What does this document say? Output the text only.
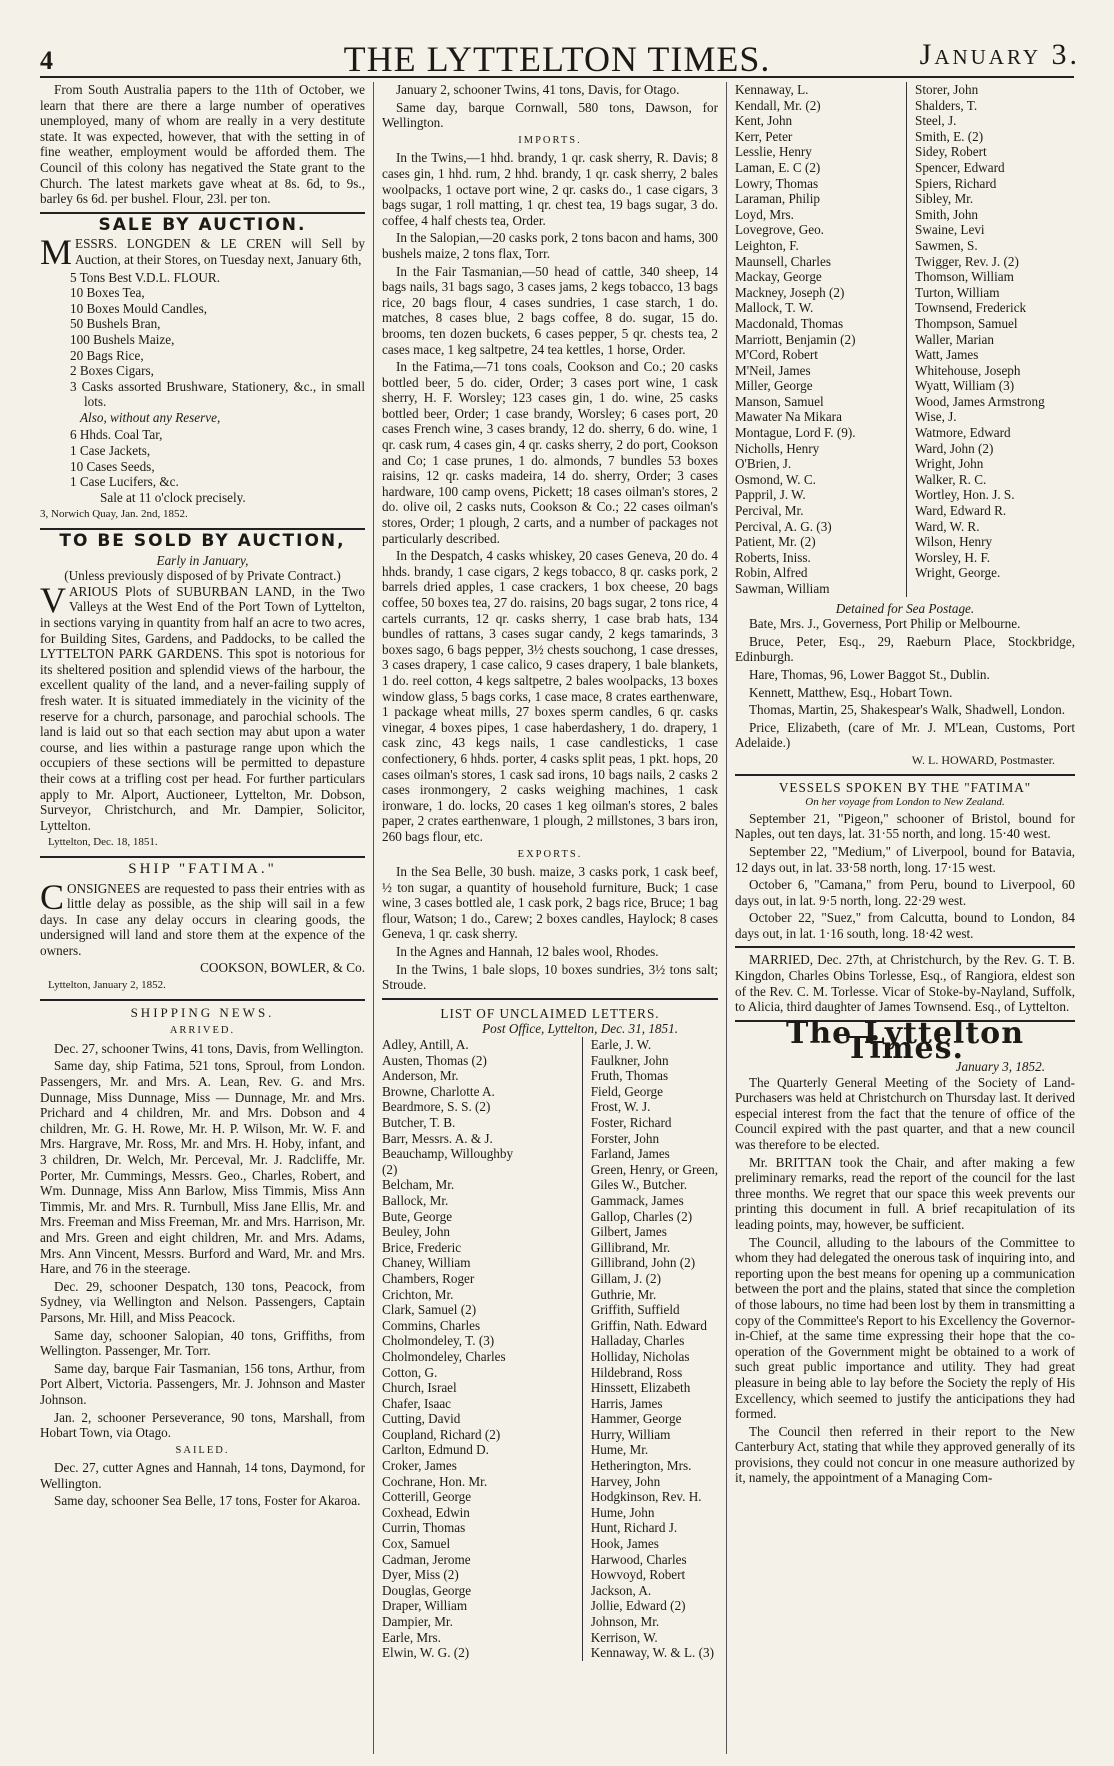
4	THE LYTTELTON TIMES.	January 3.

From South Australia papers to the 11th of October, we learn that there are there a large number of operatives unemployed, many of whom are really in a very destitute state. It was expected, however, that with the setting in of fine weather, employment would be afforded them. The Council of this colony has negatived the State grant to the Church. The latest markets gave wheat at 8s. 6d, to 9s., barley 6s 6d. per bushel. Flour, 23l. per ton.

SALE BY AUCTION.

MESSRS. LONGDEN & LE CREN will Sell by Auction, at their Stores, on Tuesday next, January 6th,

5 Tons Best V.D.L. FLOUR.

10 Boxes Tea,

10 Boxes Mould Candles,

50 Bushels Bran,

100 Bushels Maize,

20 Bags Rice,

2 Boxes Cigars,

3 Casks assorted Brushware, Stationery, &c., in small lots.

Also, without any Reserve,

6 Hhds. Coal Tar,

1 Case Jackets,

10 Cases Seeds,

1 Case Lucifers, &c.

Sale at 11 o'clock precisely.

3, Norwich Quay, Jan. 2nd, 1852.

TO BE SOLD BY AUCTION,
Early in January,
(Unless previously disposed of by Private Contract.)

VARIOUS Plots of SUBURBAN LAND, in the Two Valleys at the West End of the Port Town of Lyttelton, in sections varying in quantity from half an acre to two acres, for Building Sites, Gardens, and Paddocks, to be called the LYTTELTON PARK GARDENS. This spot is notorious for its sheltered position and splendid views of the harbour, the excellent quality of the land, and a never-failing supply of fresh water. It is situated immediately in the vicinity of the reserve for a church, parsonage, and parochial schools. The land is laid out so that each section may abut upon a water course, and lies within a pasturage range upon which the occupiers of these sections will be permitted to depasture their cows at a trifling cost per head. For further particulars apply to Mr. Alport, Auctioneer, Lyttelton, Mr. Dobson, Surveyor, Christchurch, and Mr. Dampier, Solicitor, Lyttelton.

Lyttelton, Dec. 18, 1851.

SHIP "FATIMA."

CONSIGNEES are requested to pass their entries with as little delay as possible, as the ship will sail in a few days. In case any delay occurs in clearing goods, the undersigned will land and store them at the expence of the owners.

COOKSON, BOWLER, & Co.

Lyttelton, January 2, 1852.

SHIPPING NEWS.
ARRIVED.

Dec. 27, schooner Twins, 41 tons, Davis, from Wellington.

Same day, ship Fatima, 521 tons, Sproul, from London. Passengers, Mr. and Mrs. A. Lean, Rev. G. and Mrs. Dunnage, Miss Dunnage, Miss — Dunnage, Mr. and Mrs. Prichard and 4 children, Mr. and Mrs. Dobson and 4 children, Mr. G. H. Rowe, Mr. H. P. Wilson, Mr. W. F. and Mrs. Hargrave, Mr. Ross, Mr. and Mrs. H. Hoby, infant, and 3 children, Dr. Welch, Mr. Perceval, Mr. J. Radcliffe, Mr. Porter, Mr. Cummings, Messrs. Geo., Charles, Robert, and Wm. Dunnage, Miss Ann Barlow, Miss Timmis, Miss Ann Timmis, Mr. and Mrs. R. Turnbull, Miss Jane Ellis, Mr. and Mrs. Freeman and Miss Freeman, Mr. and Mrs. Harrison, Mr. and Mrs. Green and eight children, Mr. and Mrs. Adams, Mrs. Ann Vincent, Messrs. Burford and Ward, Mr. and Mrs. Hare, and 76 in the steerage.

Dec. 29, schooner Despatch, 130 tons, Peacock, from Sydney, via Wellington and Nelson. Passengers, Captain Parsons, Mr. Hill, and Miss Peacock.

Same day, schooner Salopian, 40 tons, Griffiths, from Wellington. Passenger, Mr. Torr.

Same day, barque Fair Tasmanian, 156 tons, Arthur, from Port Albert, Victoria. Passengers, Mr. J. Johnson and Master Johnson.

Jan. 2, schooner Perseverance, 90 tons, Marshall, from Hobart Town, via Otago.

SAILED.

Dec. 27, cutter Agnes and Hannah, 14 tons, Daymond, for Wellington.

Same day, schooner Sea Belle, 17 tons, Foster for Akaroa.

January 2, schooner Twins, 41 tons, Davis, for Otago.

Same day, barque Cornwall, 580 tons, Dawson, for Wellington.

IMPORTS.

In the Twins,—1 hhd. brandy, 1 qr. cask sherry, R. Davis; 8 cases gin, 1 hhd. rum, 2 hhd. brandy, 1 qr. cask sherry, 2 bales woolpacks, 1 octave port wine, 2 qr. casks do., 1 case cigars, 3 bags sugar, 1 roll matting, 1 qr. chest tea, 19 bags sugar, 3 do. coffee, 4 half chests tea, Order.

In the Salopian,—20 casks pork, 2 tons bacon and hams, 300 bushels maize, 2 tons flax, Torr.

In the Fair Tasmanian,—50 head of cattle, 340 sheep, 14 bags nails, 31 bags sago, 3 cases jams, 2 kegs tobacco, 13 bags rice, 20 bags flour, 4 cases sundries, 1 case starch, 1 do. matches, 8 cases blue, 2 bags coffee, 8 do. sugar, 15 do. brooms, ten dozen buckets, 6 cases pepper, 5 qr. chests tea, 2 cases mace, 1 keg saltpetre, 24 tea kettles, 1 horse, Order.

In the Fatima,—71 tons coals, Cookson and Co.; 20 casks bottled beer, 5 do. cider, Order; 3 cases port wine, 1 cask sherry, H. F. Worsley; 123 cases gin, 1 do. wine, 25 casks bottled beer, Order; 1 case brandy, Worsley; 6 cases port, 20 cases French wine, 3 cases brandy, 12 do. sherry, 6 do. wine, 1 qr. cask rum, 4 cases gin, 4 qr. casks sherry, 2 do port, Cookson and Co; 1 case prunes, 1 do. almonds, 7 bundles 53 boxes raisins, 12 qr. casks madeira, 14 do. sherry, Order; 3 cases hardware, 100 camp ovens, Pickett; 18 cases oilman's stores, 2 do. olive oil, 2 casks nuts, Cookson & Co.; 22 cases oilman's stores, Order; 1 plough, 2 carts, and a number of packages not particularly described.

In the Despatch, 4 casks whiskey, 20 cases Geneva, 20 do. 4 hhds. brandy, 1 case cigars, 2 kegs tobacco, 8 qr. casks pork, 2 barrels dried apples, 1 case crackers, 1 box cheese, 20 bags coffee, 50 boxes tea, 27 do. raisins, 20 bags sugar, 2 tons rice, 4 cartels currants, 12 qr. casks sherry, 1 case brab hats, 134 bundles of rattans, 3 cases sugar candy, 2 kegs tamarinds, 3 boxes sago, 6 bags pepper, 3½ chests souchong, 1 case dresses, 3 cases drapery, 1 case calico, 9 cases drapery, 1 bale blankets, 1 do. reel cotton, 4 kegs saltpetre, 2 bales woolpacks, 13 boxes window glass, 5 bags corks, 1 case mace, 8 crates earthenware, 1 package wheat mills, 27 boxes sperm candles, 6 qr. casks vinegar, 4 boxes pipes, 1 case haberdashery, 1 do. drapery, 1 cask zinc, 43 kegs nails, 1 case candlesticks, 1 case confectionery, 6 hhds. porter, 4 casks split peas, 1 pkt. hops, 20 cases oilman's stores, 1 cask sad irons, 10 bags nails, 2 casks 2 cases ironmongery, 2 casks weighing machines, 1 cask ironware, 1 do. locks, 20 cases 1 keg oilman's stores, 2 bales paper, 2 crates earthenware, 1 plough, 2 millstones, 3 bars iron, 260 bags flour, etc.

EXPORTS.

In the Sea Belle, 30 bush. maize, 3 casks pork, 1 cask beef, ½ ton sugar, a quantity of household furniture, Buck; 1 case wine, 3 cases bottled ale, 1 cask pork, 2 bags rice, Bruce; 1 bag flour, Watson; 1 do., Carew; 2 boxes candles, Haylock; 8 cases Geneva, 1 qr. cask sherry.

In the Agnes and Hannah, 12 bales wool, Rhodes.

In the Twins, 1 bale slops, 10 boxes sundries, 3½ tons salt; Stroude.

LIST OF UNCLAIMED LETTERS.
Post Office, Lyttelton, Dec. 31, 1851.
Adley, Antill, A.
Austen, Thomas (2)
Anderson, Mr.
Browne, Charlotte A.
Beardmore, S. S. (2)
Butcher, T. B.
Barr, Messrs. A. & J.
Beauchamp, Willoughby
(2)
Belcham, Mr.
Ballock, Mr.
Bute, George
Beuley, John
Brice, Frederic
Chaney, William
Chambers, Roger
Crichton, Mr.
Clark, Samuel (2)
Commins, Charles
Cholmondeley, T. (3)
Cholmondeley, Charles
Cotton, G.
Church, Israel
Chafer, Isaac
Cutting, David
Coupland, Richard (2)
Carlton, Edmund D.
Croker, James
Cochrane, Hon. Mr.
Cotterill, George
Coxhead, Edwin
Currin, Thomas
Cox, Samuel
Cadman, Jerome
Dyer, Miss (2)
Douglas, George
Draper, William
Dampier, Mr.
Earle, Mrs.
Elwin, W. G. (2)
Earle, J. W.
Faulkner, John
Fruth, Thomas
Field, George
Frost, W. J.
Foster, Richard
Forster, John
Farland, James
Green, Henry, or Green,
Giles W., Butcher.
Gammack, James
Gallop, Charles (2)
Gilbert, James
Gillibrand, Mr.
Gillibrand, John (2)
Gillam, J. (2)
Guthrie, Mr.
Griffith, Suffield
Griffin, Nath. Edward
Halladay, Charles
Holliday, Nicholas
Hildebrand, Ross
Hinssett, Elizabeth
Harris, James
Hammer, George
Hurry, William
Hume, Mr.
Hetherington, Mrs.
Harvey, John
Hodgkinson, Rev. H.
Hume, John
Hunt, Richard J.
Hook, James
Harwood, Charles
Howvoyd, Robert
Jackson, A.
Jollie, Edward (2)
Johnson, Mr.
Kerrison, W.
Kennaway, W. & L. (3)
Kennaway, L.
Kendall, Mr. (2)
Kent, John
Kerr, Peter
Lesslie, Henry
Laman, E. C (2)
Lowry, Thomas
Laraman, Philip
Loyd, Mrs.
Lovegrove, Geo.
Leighton, F.
Maunsell, Charles
Mackay, George
Mackney, Joseph (2)
Mallock, T. W.
Macdonald, Thomas
Marriott, Benjamin (2)
M'Cord, Robert
M'Neil, James
Miller, George
Manson, Samuel
Mawater Na Mikara
Montague, Lord F. (9).
Nicholls, Henry
O'Brien, J.
Osmond, W. C.
Pappril, J. W.
Percival, Mr.
Percival, A. G. (3)
Patient, Mr. (2)
Roberts, Iniss.
Robin, Alfred
Sawman, William
Storer, John
Shalders, T.
Steel, J.
Smith, E. (2)
Sidey, Robert
Spencer, Edward
Spiers, Richard
Sibley, Mr.
Smith, John
Swaine, Levi
Sawmen, S.
Twigger, Rev. J. (2)
Thomson, William
Turton, William
Townsend, Frederick
Thompson, Samuel
Waller, Marian
Watt, James
Whitehouse, Joseph
Wyatt, William (3)
Wood, James Armstrong
Wise, J.
Watmore, Edward
Ward, John (2)
Wright, John
Walker, R. C.
Wortley, Hon. J. S.
Ward, Edward R.
Ward, W. R.
Wilson, Henry
Worsley, H. F.
Wright, George.
Detained for Sea Postage.

Bate, Mrs. J., Governess, Port Philip or Melbourne.

Bruce, Peter, Esq., 29, Raeburn Place, Stockbridge, Edinburgh.

Hare, Thomas, 96, Lower Baggot St., Dublin.

Kennett, Matthew, Esq., Hobart Town.

Thomas, Martin, 25, Shakespear's Walk, Shadwell, London.

Price, Elizabeth, (care of Mr. J. M'Lean, Customs, Port Adelaide.)

W. L. HOWARD, Postmaster.

VESSELS SPOKEN BY THE "FATIMA"
On her voyage from London to New Zealand.

September 21, "Pigeon," schooner of Bristol, bound for Naples, out ten days, lat. 31·55 north, and long. 15·40 west.

September 22, "Medium," of Liverpool, bound for Batavia, 12 days out, in lat. 33·58 north, long. 17·15 west.

October 6, "Camana," from Peru, bound to Liverpool, 60 days out, in lat. 9·5 north, long. 22·29 west.

October 22, "Suez," from Calcutta, bound to London, 84 days out, in lat. 1·16 south, long. 18·42 west.

MARRIED, Dec. 27th, at Christchurch, by the Rev. G. T. B. Kingdon, Charles Obins Torlesse, Esq., of Rangiora, eldest son of the Rev. C. M. Torlesse. Vicar of Stoke-by-Nayland, Suffolk, to Alicia, third daughter of James Townsend. Esq., of Lyttelton.

The Lyttelton Times.
January 3, 1852.

The Quarterly General Meeting of the Society of Land-Purchasers was held at Christchurch on Thursday last. It derived especial interest from the fact that the tenure of office of the Council expired with the past quarter, and that a new council was therefore to be elected.

Mr. BRITTAN took the Chair, and after making a few preliminary remarks, read the report of the council for the last three months. We regret that our space this week prevents our printing this document in full. A brief recapitulation of its leading points, may, however, be sufficient.

The Council, alluding to the labours of the Committee to whom they had delegated the onerous task of inquiring into, and reporting upon the best means for opening up a communication between the port and the plains, stated that since the completion of those labours, no time had been lost by them in transmitting a copy of the Committee's Report to his Excellency the Governor-in-Chief, at the same time expressing their hope that the co-operation of the Government might be obtained to a work of such great public importance and utility. They had great pleasure in being able to lay before the Society the reply of His Excellency, which seemed to justify the anticipations they had formed.

The Council then referred in their report to the New Canterbury Act, stating that while they approved generally of its provisions, they could not concur in one measure authorized by it, namely, the appointment of a Managing Com-
